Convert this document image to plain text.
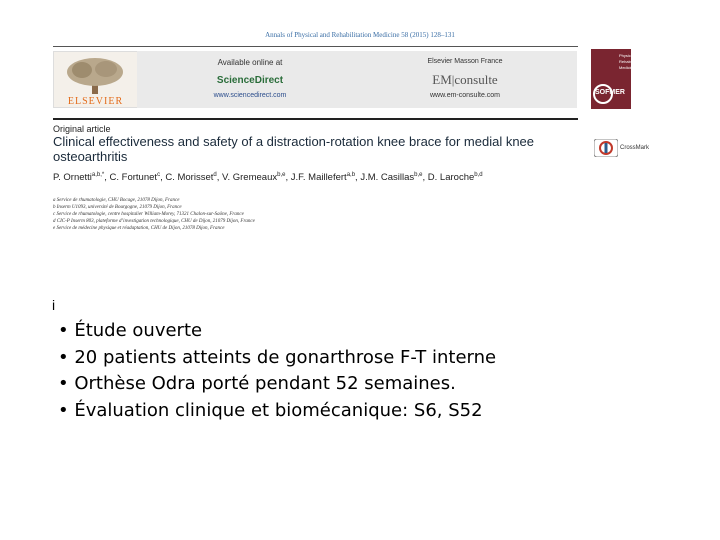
Annals of Physical and Rehabilitation Medicine 58 (2015) 128–131
ELSEVIER
Available online at
ScienceDirect
www.sciencedirect.com
Elsevier Masson France
EM|consulte
www.em-consulte.com
Physical & Rehabilitation Medicine
SOFMER
Original article
Clinical effectiveness and safety of a distraction-rotation knee brace for medial knee osteoarthritis
CrossMark
P. Ornetti$^{a,b,*}$, C. Fortunet$^c$, C. Morisset$^d$, V. Gremeaux$^{b,e}$, J.F. Maillefert$^{a,b}$, J.M. Casillas$^{b,e}$, D. Laroche$^{b,d}$
a Service de rhumatologie, CHU Bocage, 21078 Dijon, France
b Inserm U1093, université de Bourgogne, 21079 Dijon, France
c Service de rhumatologie, centre hospitalier William-Morey, 71321 Chalon-sur-Saône, France
d CIC-P Inserm 803, plateforme d’investigation technologique, CHU de Dijon, 21079 Dijon, France
e Service de médecine physique et réadaptation, CHU de Dijon, 21078 Dijon, France
i
• Étude ouverte
• 20 patients atteints de gonarthrose F-T interne
• Orthèse Odra porté pendant 52 semaines.
• Évaluation clinique et biomécanique: S6, S52
